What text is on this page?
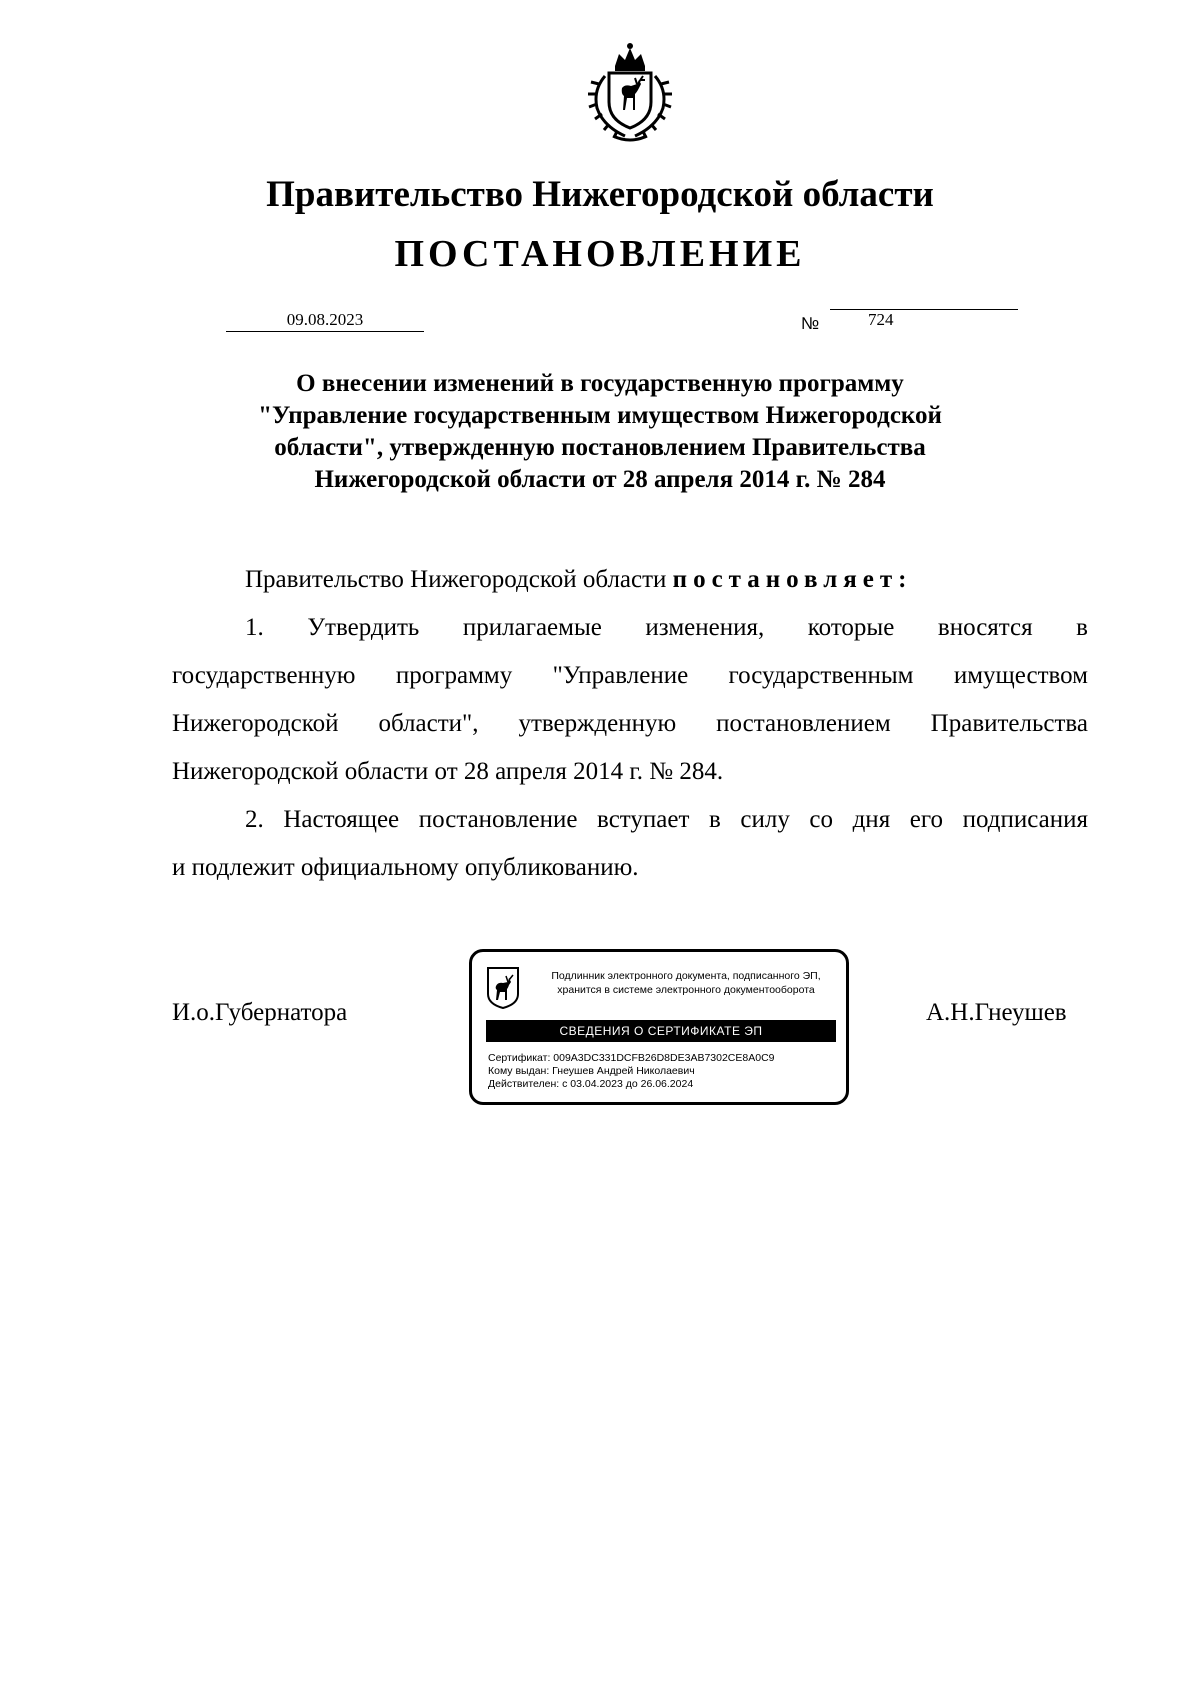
Правительство Нижегородской области
ПОСТАНОВЛЕНИЕ
09.08.2023	№	724
О внесении изменений в государственную программу
"Управление государственным имуществом Нижегородской
области", утвержденную постановлением Правительства
Нижегородской области от 28 апреля 2014 г. № 284

Правительство Нижегородской области постановляет:

1. Утвердить прилагаемые изменения, которые вносятся в

государственную программу "Управление государственным имуществом

Нижегородской области", утвержденную постановлением Правительства

Нижегородской области от 28 апреля 2014 г. № 284.

2. Настоящее постановление вступает в силу со дня его подписания

и подлежит официальному опубликованию.

И.о.Губернатора	А.Н.Гнеушев
Подлинник электронного документа, подписанного ЭП,
хранится в системе электронного документооборота
СВЕДЕНИЯ О СЕРТИФИКАТЕ ЭП
Сертификат: 009A3DC331DCFB26D8DE3AB7302CE8A0C9
Кому выдан: Гнеушев Андрей Николаевич
Действителен: с 03.04.2023 до 26.06.2024
